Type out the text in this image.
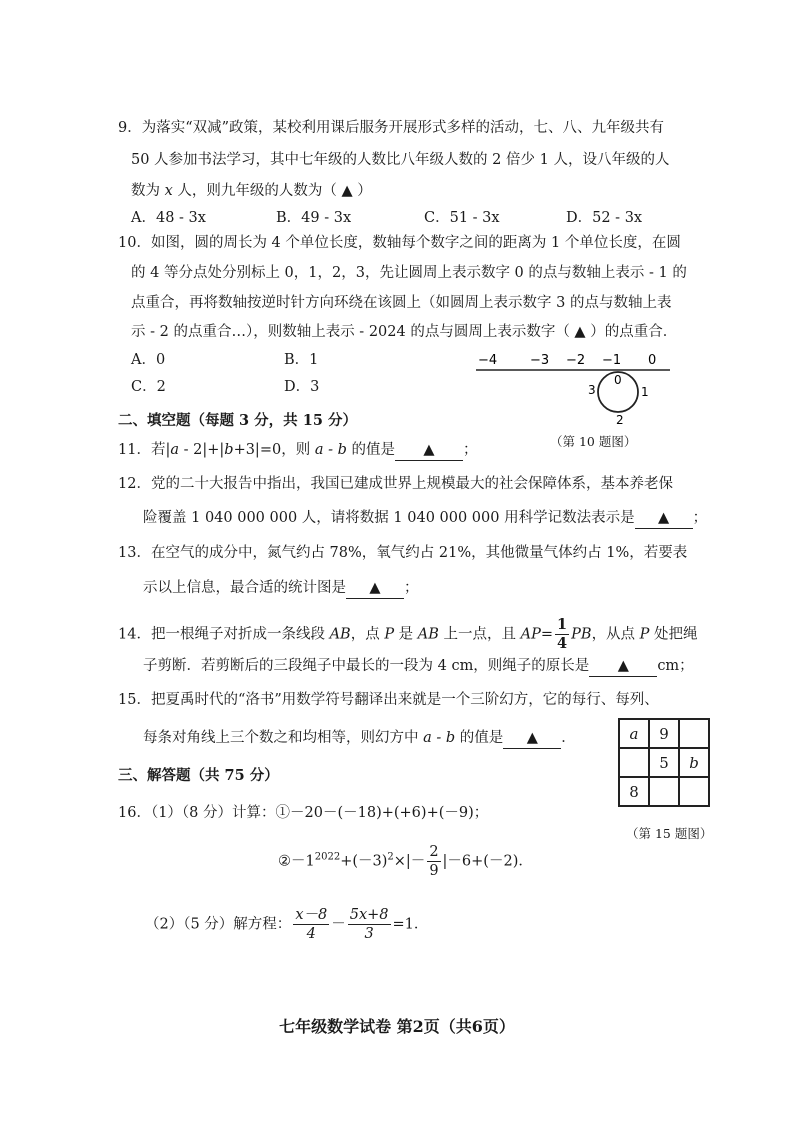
9．为落实“双减”政策，某校利用课后服务开展形式多样的活动，七、八、九年级共有
50 人参加书法学习，其中七年级的人数比八年级人数的 2 倍少 1 人，设八年级的人
数为 x 人，则九年级的人数为（ ▲ ）
A．48 - 3x	B．49 - 3x	C．51 - 3x	D．52 - 3x
10．如图，圆的周长为 4 个单位长度，数轴每个数字之间的距离为 1 个单位长度，在圆
的 4 等分点处分别标上 0，1，2，3，先让圆周上表示数字 0 的点与数轴上表示 - 1 的
点重合，再将数轴按逆时针方向环绕在该圆上（如圆周上表示数字 3 的点与数轴上表
示 - 2 的点重合…），则数轴上表示 - 2024 的点与圆周上表示数字（ ▲ ）的点重合．
A．0	B．1
C．2	D．3
−4	−3 −2 −1 0
0
1
2
3
（第 10 题图）
二、填空题（每题 3 分，共 15 分）
11．若|a - 2|+|b+3|=0，则 a - b 的值是 ▲ ；
12．党的二十大报告中指出，我国已建成世界上规模最大的社会保障体系，基本养老保
险覆盖 1 040 000 000 人，请将数据 1 040 000 000 用科学记数法表示是 ▲ ；
13．在空气的成分中，氮气约占 78%，氧气约占 21%，其他微量气体约占 1%，若要表
示以上信息，最合适的统计图是 ▲ ；
14．把一根绳子对折成一条线段 AB，点 P 是 AB 上一点，且 $AP= \frac{1}{4}$ PB，从点 P 处把绳
子剪断．若剪断后的三段绳子中最长的一段为 4 cm，则绳子的原长是 ▲ cm；
15．把夏禹时代的“洛书”用数学符号翻译出来就是一个三阶幻方，它的每行、每列、
每条对角线上三个数之和均相等，则幻方中 a - b 的值是 ▲ ．	a	9	
	5	b
8		
（第 15 题图）
三、解答题（共 75 分）
16．（1）（8 分）计算：①－20－(－18)+(+6)+(－9)；
$②-1^{2022}+(-3)^2\times|- \frac{2}{9} |-6+(-2)$．
（2）（5 分）解方程： $\frac{x-8}{4} - \frac{5x+8}{3} =1$．
七年级数学试卷 第2页（共6页）
